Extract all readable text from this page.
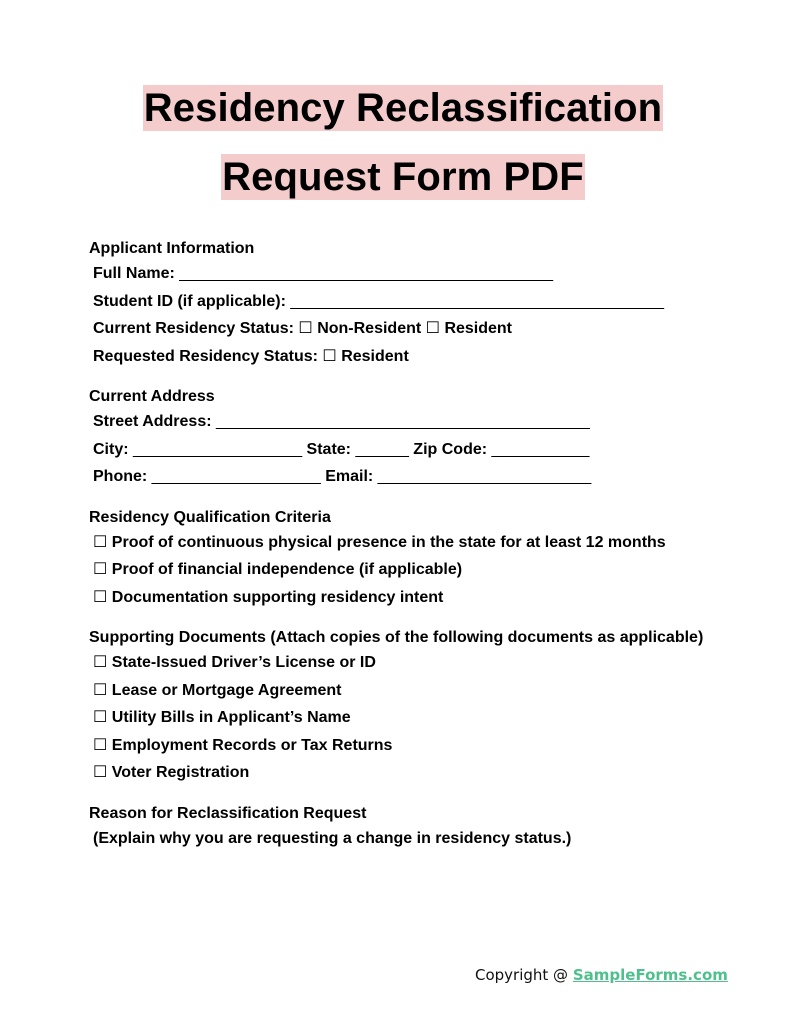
Residency Reclassification
Request Form PDF
Applicant Information
Full Name: __________________________________________
Student ID (if applicable): __________________________________________
Current Residency Status: ☐ Non-Resident ☐ Resident
Requested Residency Status: ☐ Resident
Current Address
Street Address: __________________________________________
City: ___________________ State: ______ Zip Code: ___________
Phone: ___________________ Email: ________________________
Residency Qualification Criteria
☐ Proof of continuous physical presence in the state for at least 12 months
☐ Proof of financial independence (if applicable)
☐ Documentation supporting residency intent
Supporting Documents (Attach copies of the following documents as applicable)
☐ State-Issued Driver’s License or ID
☐ Lease or Mortgage Agreement
☐ Utility Bills in Applicant’s Name
☐ Employment Records or Tax Returns
☐ Voter Registration
Reason for Reclassification Request
(Explain why you are requesting a change in residency status.)
Copyright @ SampleForms.com
